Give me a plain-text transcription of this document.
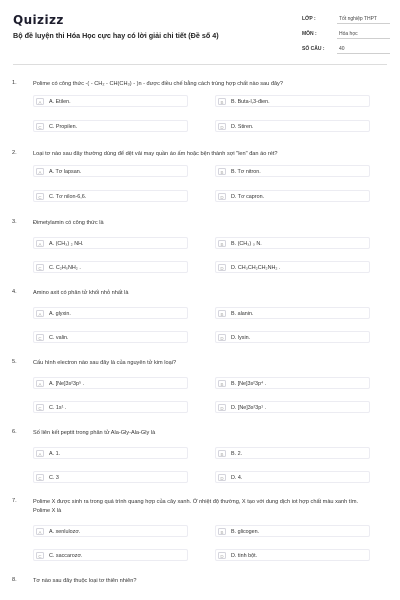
Quizizz
Bộ đề luyện thi Hóa Học cực hay có lời giải chi tiết (Đề số 4)
LỚP :	Tốt nghiệp THPT
MÔN :	Hóa học
SỐ CÂU :	40
1.	Polime có công thức -( - CH₂ - CH(CH₃) - )n - được điều chế bằng cách trùng hợp chất nào sau đây?
A	A. Etilen.	B	B. Buta-l,3-đien.
C	C. Propilen.	D	D. Stiren.
2.	Loại tơ nào sau đây thường dùng để dệt vải may quần áo ấm hoặc bện thành sợi "len" đan áo rét?
A	A. Tơ lapsan.	B	B. Tơ nitron.
C	C. Tơ nilon-6,6.	D	D. Tơ capron.
3.	Đimetylamin có công thức là
A	A. (CH₃) ₂ NH.	B	B. (CH₃) ₃ N.
C	C. C₂H₅NH₂ .	D	D. CH₃CH₂CH₂NH₂ .
4.	Amino axit có phân tử khối nhỏ nhất là
A	A. glyxin.	B	B. alanin.
C	C. valin.	D	D. lysin.
5.	Cấu hình electron nào sau đây là của nguyên tử kim loại?
A	A. [Ne]3s²3p⁵ .	B	B. [Ne]3s²3p⁴ .
C	C. 1s¹ .	D	D. [Ne]3s²3p¹ .
6.	Số liên kết peptit trong phân tử Ala-Gly-Ala-Gly là
A	A. 1.	B	B. 2.
C	C. 3	D	D. 4.
7.	Polime X được sinh ra trong quá trình quang hợp của cây xanh. Ở nhiệt độ thường, X tạo với dung dịch iot hợp chất màu xanh tím. Polime X là
A	A. xenlulozơ.	B	B. glicogen.
C	C. saccarozơ.	D	D. tinh bột.
8.	Tơ nào sau đây thuộc loại tơ thiên nhiên?
